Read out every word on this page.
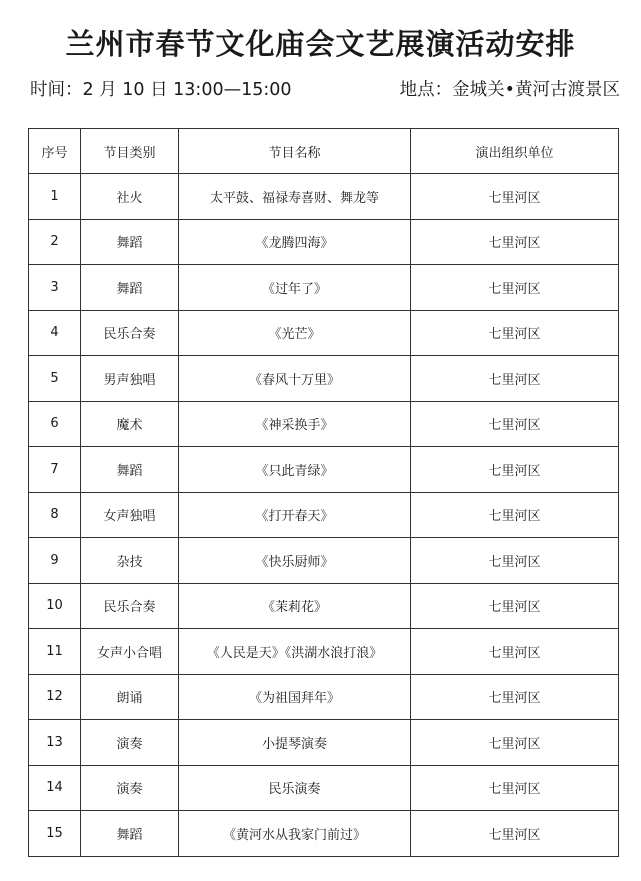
兰州市春节文化庙会文艺展演活动安排
时间：2 月 10 日 13:00—15:00	地点：金城关•黄河古渡景区
序号	节目类别	节目名称	演出组织单位
1	社火	太平鼓、福禄寿喜财、舞龙等	七里河区
2	舞蹈	《龙腾四海》	七里河区
3	舞蹈	《过年了》	七里河区
4	民乐合奏	《光芒》	七里河区
5	男声独唱	《春风十万里》	七里河区
6	魔术	《神采换手》	七里河区
7	舞蹈	《只此青绿》	七里河区
8	女声独唱	《打开春天》	七里河区
9	杂技	《快乐厨师》	七里河区
10	民乐合奏	《茉莉花》	七里河区
11	女声小合唱	《人民是天》《洪湖水浪打浪》	七里河区
12	朗诵	《为祖国拜年》	七里河区
13	演奏	小提琴演奏	七里河区
14	演奏	民乐演奏	七里河区
15	舞蹈	《黄河水从我家门前过》	七里河区
